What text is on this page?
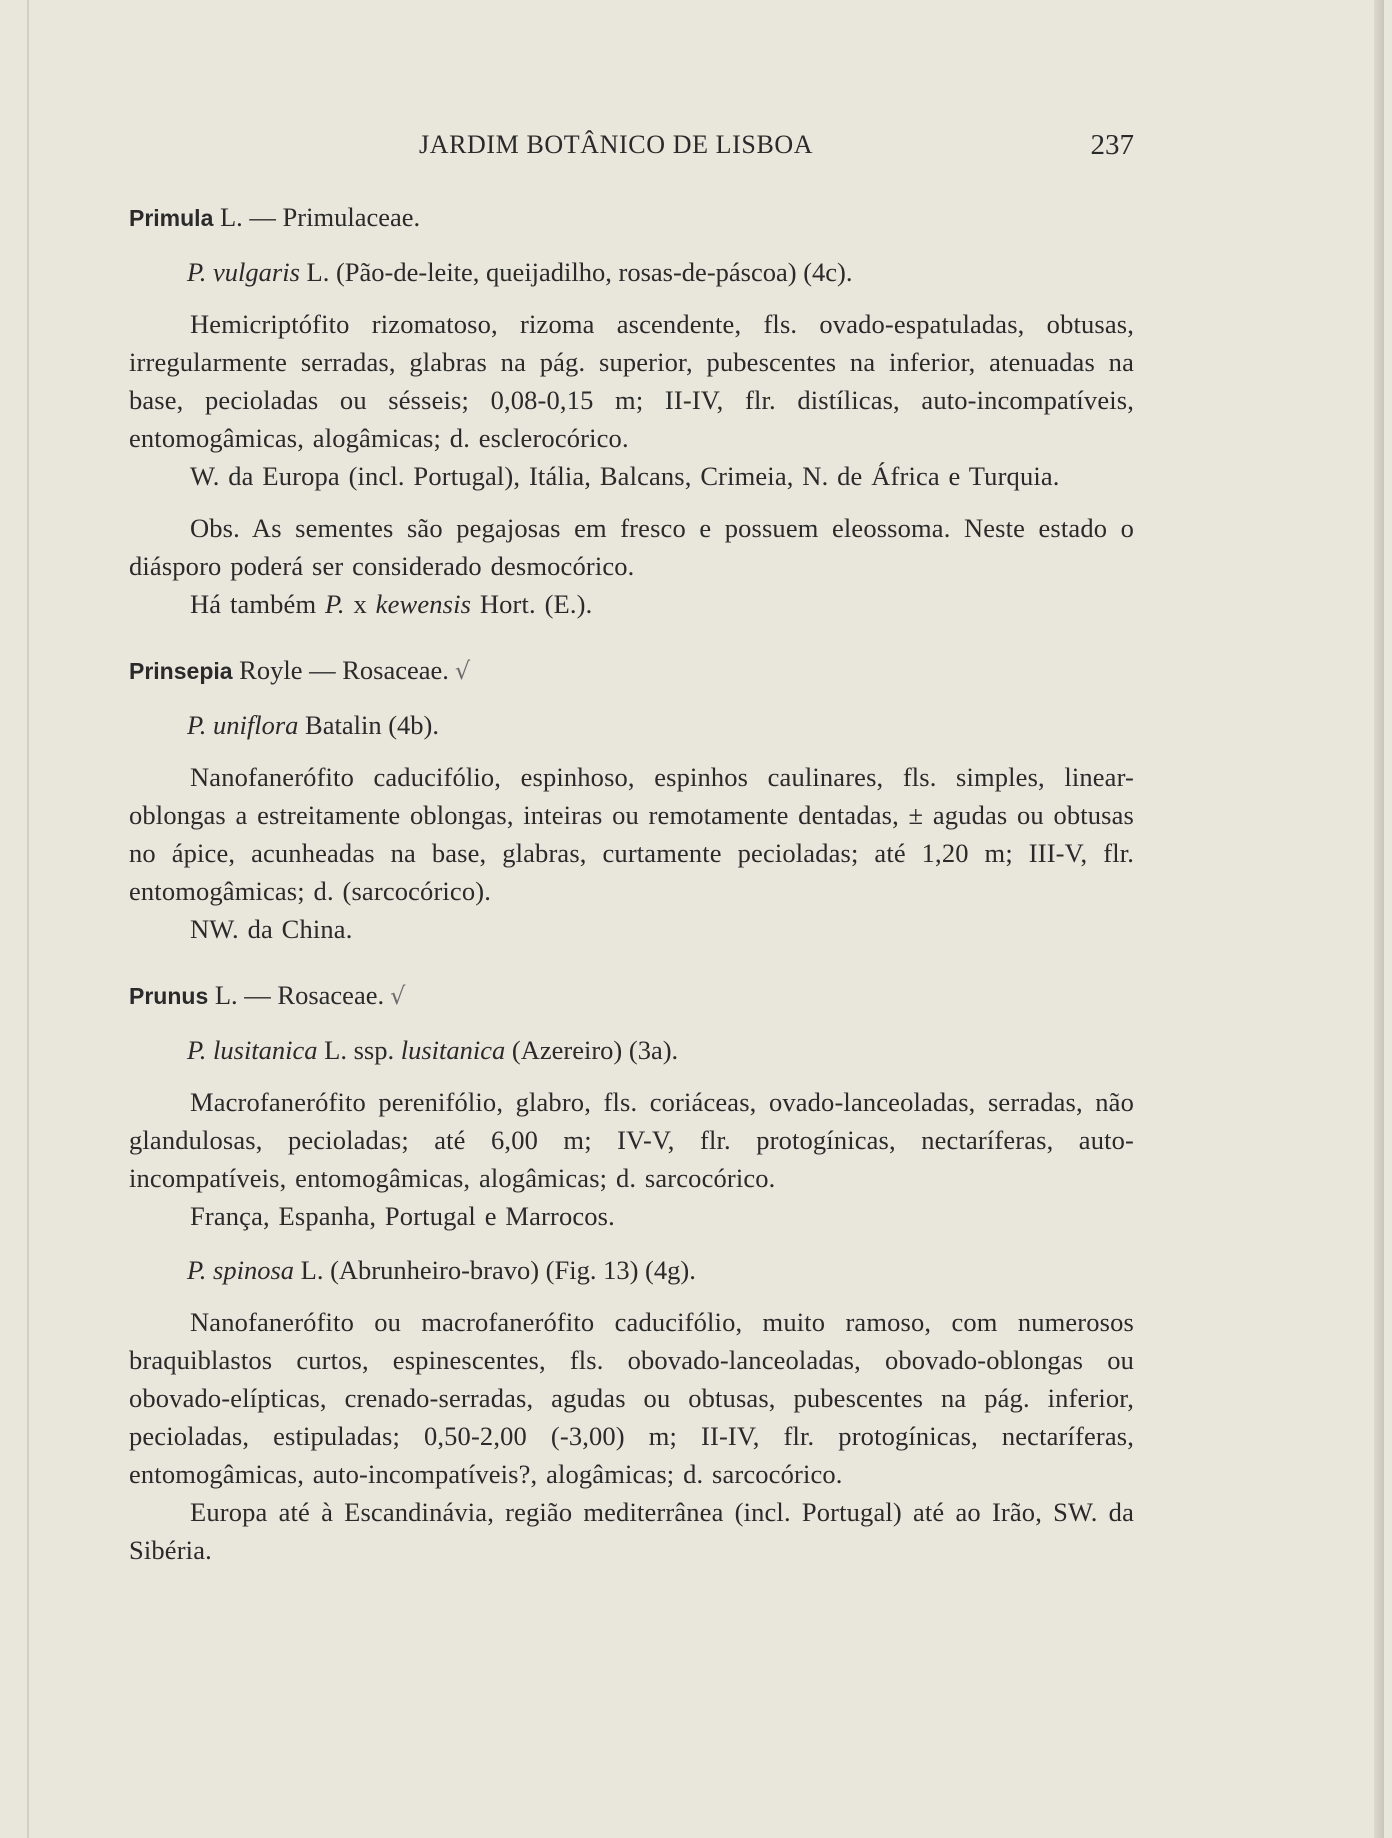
JARDIM BOTÂNICO DE LISBOA	237

Primula L. — Primulaceae.

P. vulgaris L. (Pão-de-leite, queijadilho, rosas-de-páscoa) (4c).

Hemicriptófito rizomatoso, rizoma ascendente, fls. ovado-espatuladas, obtusas, irregularmente serradas, glabras na pág. superior, pubescentes na inferior, atenuadas na base, pecioladas ou sésseis; 0,08-0,15 m; II-IV, flr. distílicas, auto-incompatíveis, entomogâmicas, alogâmicas; d. esclerocórico.

W. da Europa (incl. Portugal), Itália, Balcans, Crimeia, N. de África e Turquia.

Obs. As sementes são pegajosas em fresco e possuem eleossoma. Neste estado o diásporo poderá ser considerado desmocórico.

Há também P. x kewensis Hort. (E.).

Prinsepia Royle — Rosaceae. √

P. uniflora Batalin (4b).

Nanofanerófito caducifólio, espinhoso, espinhos caulinares, fls. simples, linear-oblongas a estreitamente oblongas, inteiras ou remotamente dentadas, ± agudas ou obtusas no ápice, acunheadas na base, glabras, curtamente pecioladas; até 1,20 m; III-V, flr. entomogâmicas; d. (sarcocórico).

NW. da China.

Prunus L. — Rosaceae. √

P. lusitanica L. ssp. lusitanica (Azereiro) (3a).

Macrofanerófito perenifólio, glabro, fls. coriáceas, ovado-lanceoladas, serradas, não glandulosas, pecioladas; até 6,00 m; IV-V, flr. protogínicas, nectaríferas, auto-incompatíveis, entomogâmicas, alogâmicas; d. sarcocórico.

França, Espanha, Portugal e Marrocos.

P. spinosa L. (Abrunheiro-bravo) (Fig. 13) (4g).

Nanofanerófito ou macrofanerófito caducifólio, muito ramoso, com numerosos braquiblastos curtos, espinescentes, fls. obovado-lanceoladas, obovado-oblongas ou obovado-elípticas, crenado-serradas, agudas ou obtusas, pubescentes na pág. inferior, pecioladas, estipuladas; 0,50-2,00 (-3,00) m; II-IV, flr. protogínicas, nectaríferas, entomogâmicas, auto-incompatíveis?, alogâmicas; d. sarcocórico.

Europa até à Escandinávia, região mediterrânea (incl. Portugal) até ao Irão, SW. da Sibéria.
